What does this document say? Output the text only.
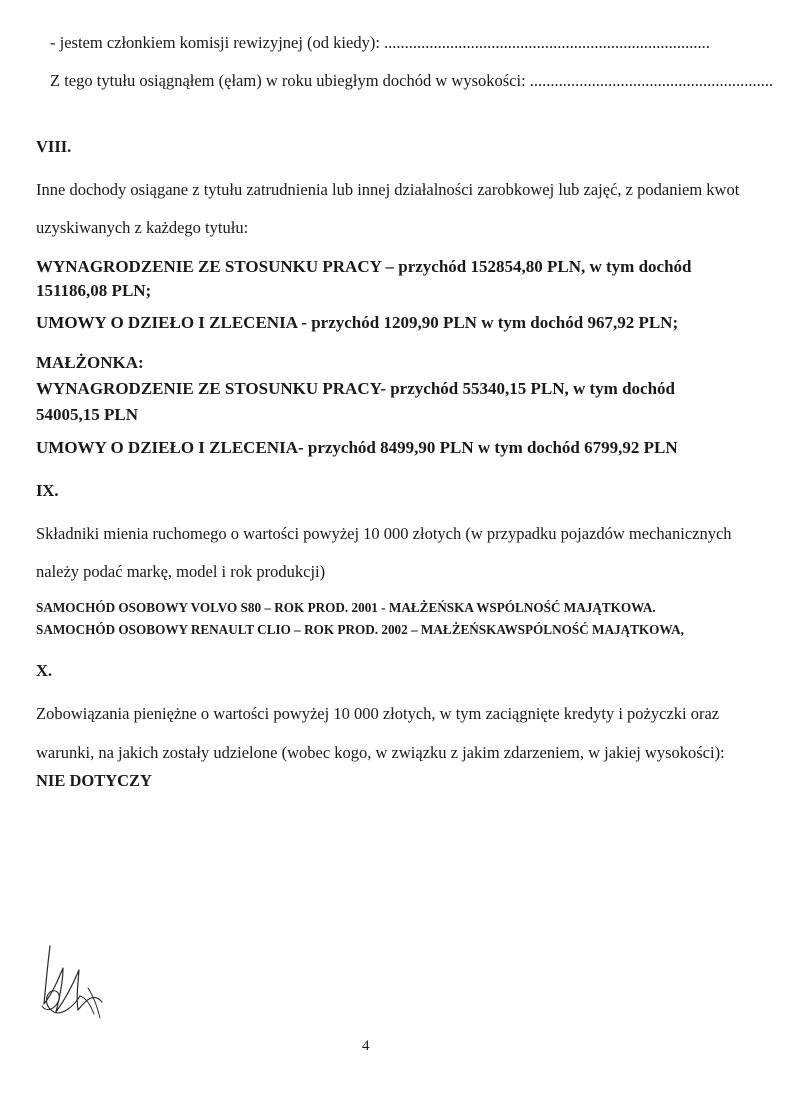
- jestem członkiem komisji rewizyjnej (od kiedy): ...............................................................................
Z tego tytułu osiągnąłem (ęłam) w roku ubiegłym dochód w wysokości: ...........................................................
VIII.
Inne dochody osiągane z tytułu zatrudnienia lub innej działalności zarobkowej lub zajęć, z podaniem kwot
uzyskiwanych z każdego tytułu:
WYNAGRODZENIE ZE STOSUNKU PRACY – przychód 152854,80 PLN, w tym dochód
151186,08 PLN;
UMOWY O DZIEŁO I ZLECENIA - przychód 1209,90 PLN w tym dochód 967,92 PLN;
MAŁŻONKA:
WYNAGRODZENIE ZE STOSUNKU PRACY- przychód 55340,15 PLN, w tym dochód
54005,15 PLN
UMOWY O DZIEŁO I ZLECENIA- przychód 8499,90 PLN w tym dochód 6799,92 PLN
IX.
Składniki mienia ruchomego o wartości powyżej 10 000 złotych (w przypadku pojazdów mechanicznych
należy podać markę, model i rok produkcji)
SAMOCHÓD OSOBOWY VOLVO S80 – ROK PROD. 2001 - MAŁŻEŃSKA WSPÓLNOŚĆ MAJĄTKOWA.
SAMOCHÓD OSOBOWY RENAULT CLIO – ROK PROD. 2002 – MAŁŻEŃSKAWSPÓLNOŚĆ MAJĄTKOWA,
X.
Zobowiązania pieniężne o wartości powyżej 10 000 złotych, w tym zaciągnięte kredyty i pożyczki oraz
warunki, na jakich zostały udzielone (wobec kogo, w związku z jakim zdarzeniem, w jakiej wysokości):
NIE DOTYCZY
4
